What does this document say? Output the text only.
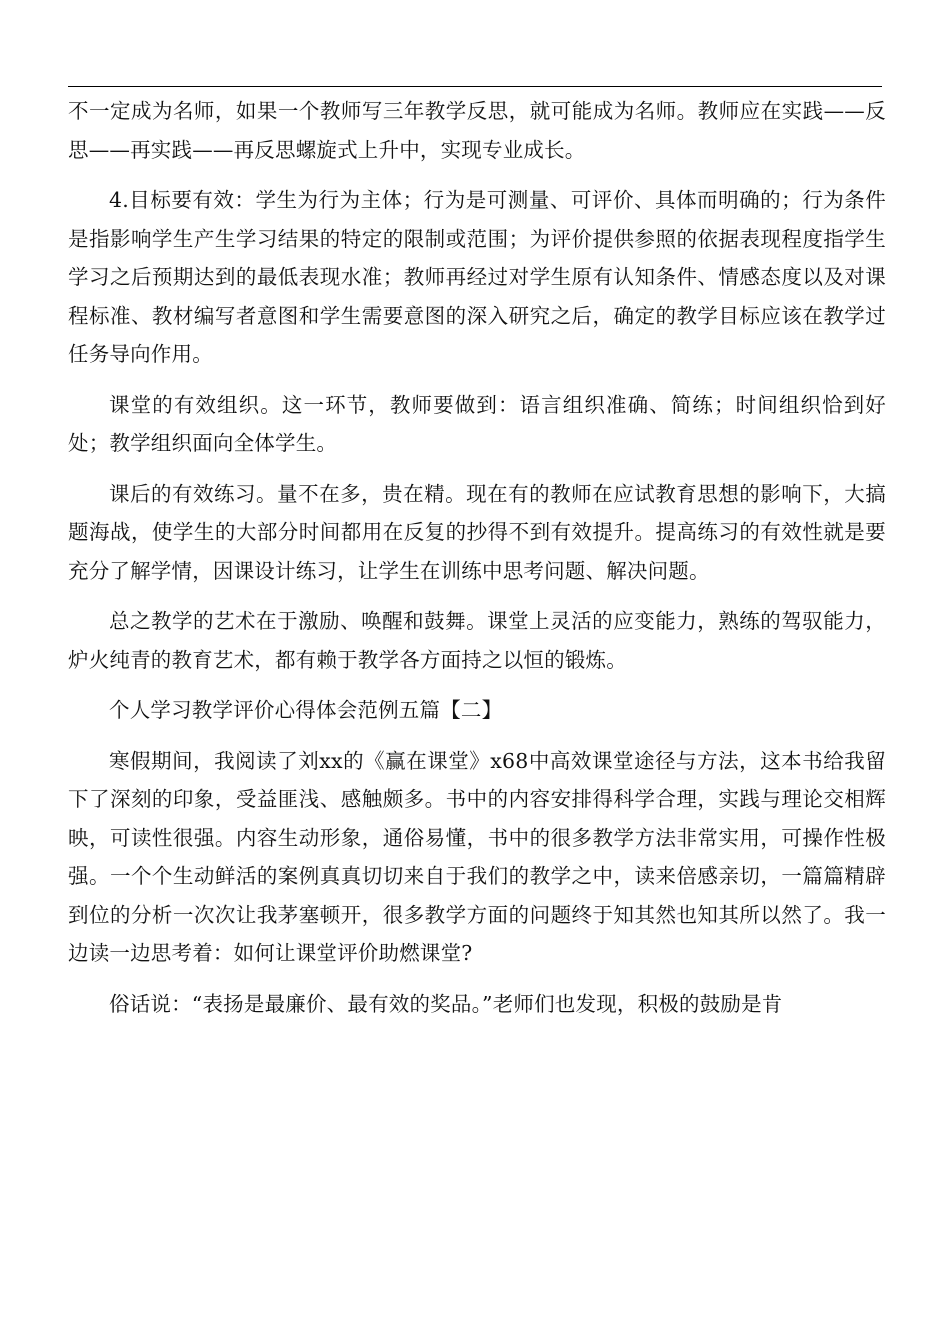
不一定成为名师，如果一个教师写三年教学反思，就可能成为名师。教师应在实践——反思——再实践——再反思螺旋式上升中，实现专业成长。

4.目标要有效：学生为行为主体；行为是可测量、可评价、具体而明确的；行为条件是指影响学生产生学习结果的特定的限制或范围；为评价提供参照的依据表现程度指学生学习之后预期达到的最低表现水准；教师再经过对学生原有认知条件、情感态度以及对课程标准、教材编写者意图和学生需要意图的深入研究之后，确定的教学目标应该在教学过任务导向作用。

课堂的有效组织。这一环节，教师要做到：语言组织准确、简练；时间组织恰到好处；教学组织面向全体学生。

课后的有效练习。量不在多，贵在精。现在有的教师在应试教育思想的影响下，大搞题海战，使学生的大部分时间都用在反复的抄得不到有效提升。提高练习的有效性就是要充分了解学情，因课设计练习，让学生在训练中思考问题、解决问题。

总之教学的艺术在于激励、唤醒和鼓舞。课堂上灵活的应变能力，熟练的驾驭能力，炉火纯青的教育艺术，都有赖于教学各方面持之以恒的锻炼。

个人学习教学评价心得体会范例五篇【二】

寒假期间，我阅读了刘xx的《赢在课堂》x68中高效课堂途径与方法，这本书给我留下了深刻的印象，受益匪浅、感触颇多。书中的内容安排得科学合理，实践与理论交相辉映，可读性很强。内容生动形象，通俗易懂，书中的很多教学方法非常实用，可操作性极强。一个个生动鲜活的案例真真切切来自于我们的教学之中，读来倍感亲切，一篇篇精辟到位的分析一次次让我茅塞顿开，很多教学方面的问题终于知其然也知其所以然了。我一边读一边思考着：如何让课堂评价助燃课堂?

俗话说：“表扬是最廉价、最有效的奖品。”老师们也发现，积极的鼓励是肯
